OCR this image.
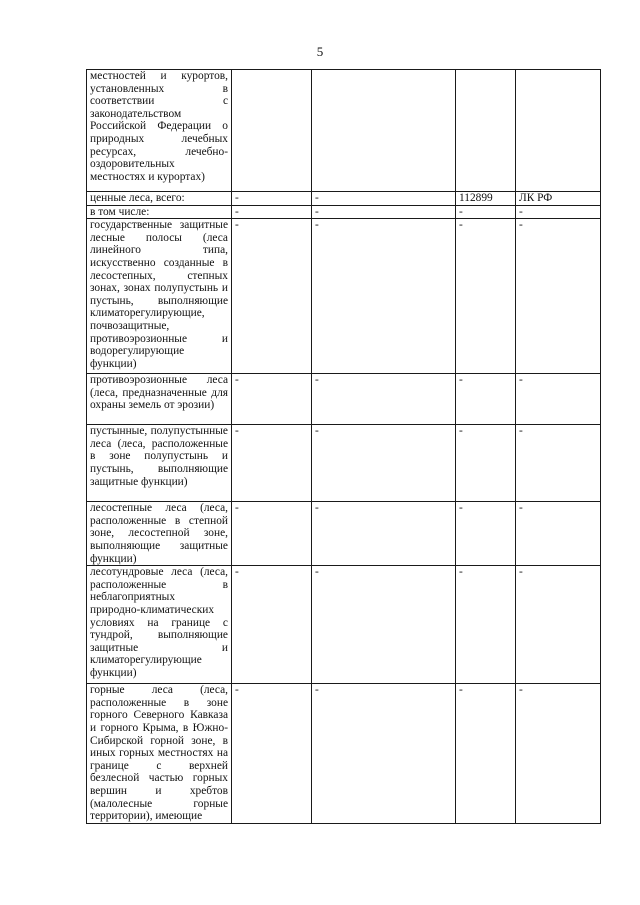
5
местностей и курортов, установленных в соответствии с законодательством Российской Федерации о природных лечебных ресурсах, лечебно-оздоровительных местностях и курортах)				
ценные леса, всего:	-	-	112899	ЛК РФ
в том числе:	-	-	-	-
государственные защитные лесные полосы (леса линейного типа, искусственно созданные в лесостепных, степных зонах, зонах полупустынь и пустынь, выполняющие климаторегулирующие, почвозащитные, противоэрозионные и водорегулирующие функции)	-	-	-	-
противоэрозионные леса (леса, предназначенные для охраны земель от эрозии)	-	-	-	-
пустынные, полупустынные леса (леса, расположенные в зоне полупустынь и пустынь, выполняющие защитные функции)	-	-	-	-
лесостепные леса (леса, расположенные в степной зоне, лесостепной зоне, выполняющие защитные функции)	-	-	-	-
лесотундровые леса (леса, расположенные в неблагоприятных природно-климатических условиях на границе с тундрой, выполняющие защитные и климаторегулирующие функции)	-	-	-	-
горные леса (леса, расположенные в зоне горного Северного Кавказа и горного Крыма, в Южно-Сибирской горной зоне, в иных горных местностях на границе с верхней безлесной частью горных вершин и хребтов (малолесные горные территории), имеющие	-	-	-	-
